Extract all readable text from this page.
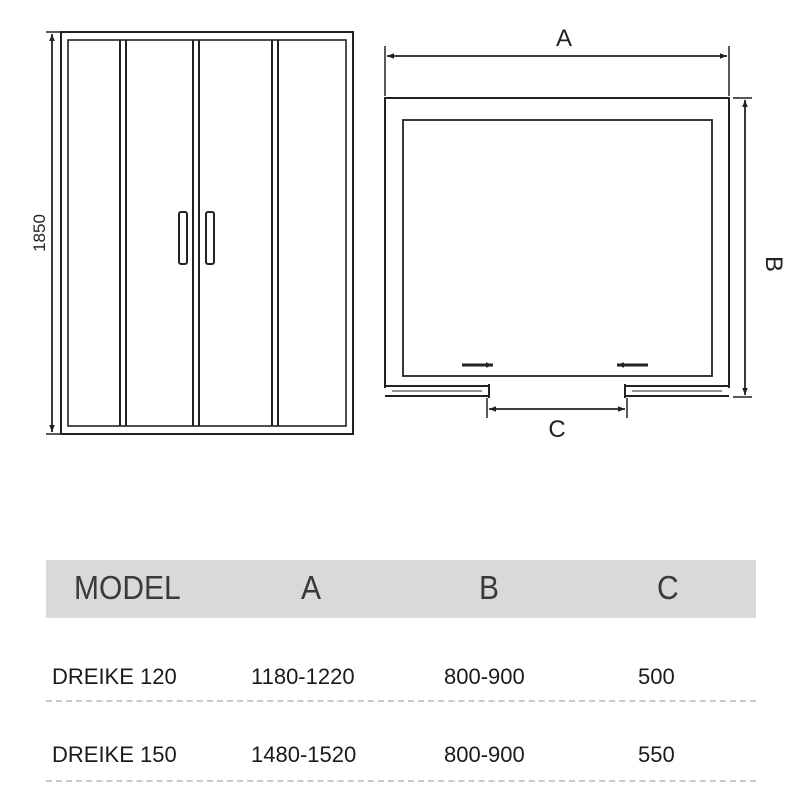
1850
A
B
C
MODEL	A	B	C
DREIKE 120	1180-1220	800-900	500
DREIKE 150	1480-1520	800-900	550
